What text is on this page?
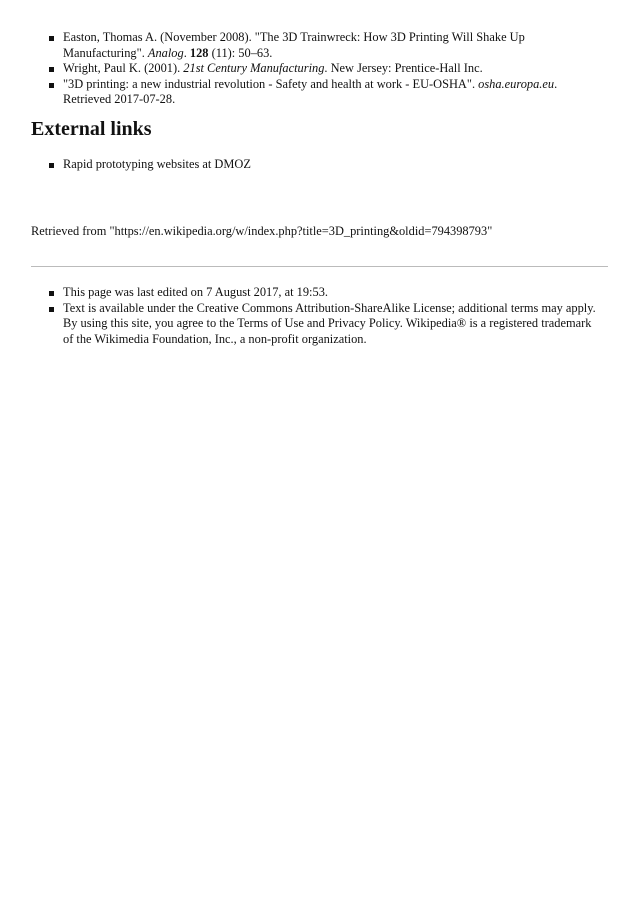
Easton, Thomas A. (November 2008). "The 3D Trainwreck: How 3D Printing Will Shake Up Manufacturing". Analog. 128 (11): 50–63.
Wright, Paul K. (2001). 21st Century Manufacturing. New Jersey: Prentice-Hall Inc.
"3D printing: a new industrial revolution - Safety and health at work - EU-OSHA". osha.europa.eu. Retrieved 2017-07-28.
External links
Rapid prototyping websites at DMOZ
Retrieved from "https://en.wikipedia.org/w/index.php?title=3D_printing&oldid=794398793"
This page was last edited on 7 August 2017, at 19:53.
Text is available under the Creative Commons Attribution-ShareAlike License; additional terms may apply. By using this site, you agree to the Terms of Use and Privacy Policy. Wikipedia® is a registered trademark of the Wikimedia Foundation, Inc., a non-profit organization.
